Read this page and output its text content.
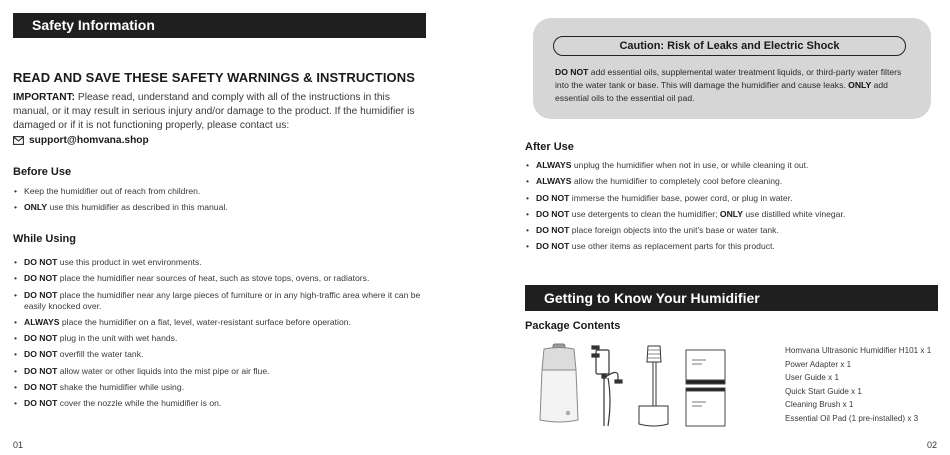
Safety Information
READ AND SAVE THESE SAFETY WARNINGS & INSTRUCTIONS
IMPORTANT: Please read, understand and comply with all of the instructions in this manual, or it may result in serious injury and/or damage to the product. If the humidifier is damaged or if it is not functioning properly, please contact us:
support@homvana.shop
Before Use
• Keep the humidifier out of reach from children.
• ONLY use this humidifier as described in this manual.
While Using
• DO NOT use this product in wet environments.
• DO NOT place the humidifier near sources of heat, such as stove tops, ovens, or radiators.
• DO NOT place the humidifier near any large pieces of furniture or in any high-traffic area where it can be easily knocked over.
• ALWAYS place the humidifier on a flat, level, water-resistant surface before operation.
• DO NOT plug in the unit with wet hands.
• DO NOT overfill the water tank.
• DO NOT allow water or other liquids into the mist pipe or air flue.
• DO NOT shake the humidifier while using.
• DO NOT cover the nozzle while the humidifier is on.
01
Caution: Risk of Leaks and Electric Shock
DO NOT add essential oils, supplemental water treatment liquids, or third-party water filters into the water tank or base. This will damage the humidifier and cause leaks. ONLY add essential oils to the essential oil pad.
After Use
• ALWAYS unplug the humidifier when not in use, or while cleaning it out.
• ALWAYS allow the humidifier to completely cool before cleaning.
• DO NOT immerse the humidifier base, power cord, or plug in water.
• DO NOT use detergents to clean the humidifier; ONLY use distilled white vinegar.
• DO NOT place foreign objects into the unit's base or water tank.
• DO NOT use other items as replacement parts for this product.
Getting to Know Your Humidifier
Package Contents
Homvana Ultrasonic Humidifier H101 x 1
Power Adapter x 1
User Guide x 1
Quick Start Guide x 1
Cleaning Brush x 1
Essential Oil Pad (1 pre-installed) x 3
02
